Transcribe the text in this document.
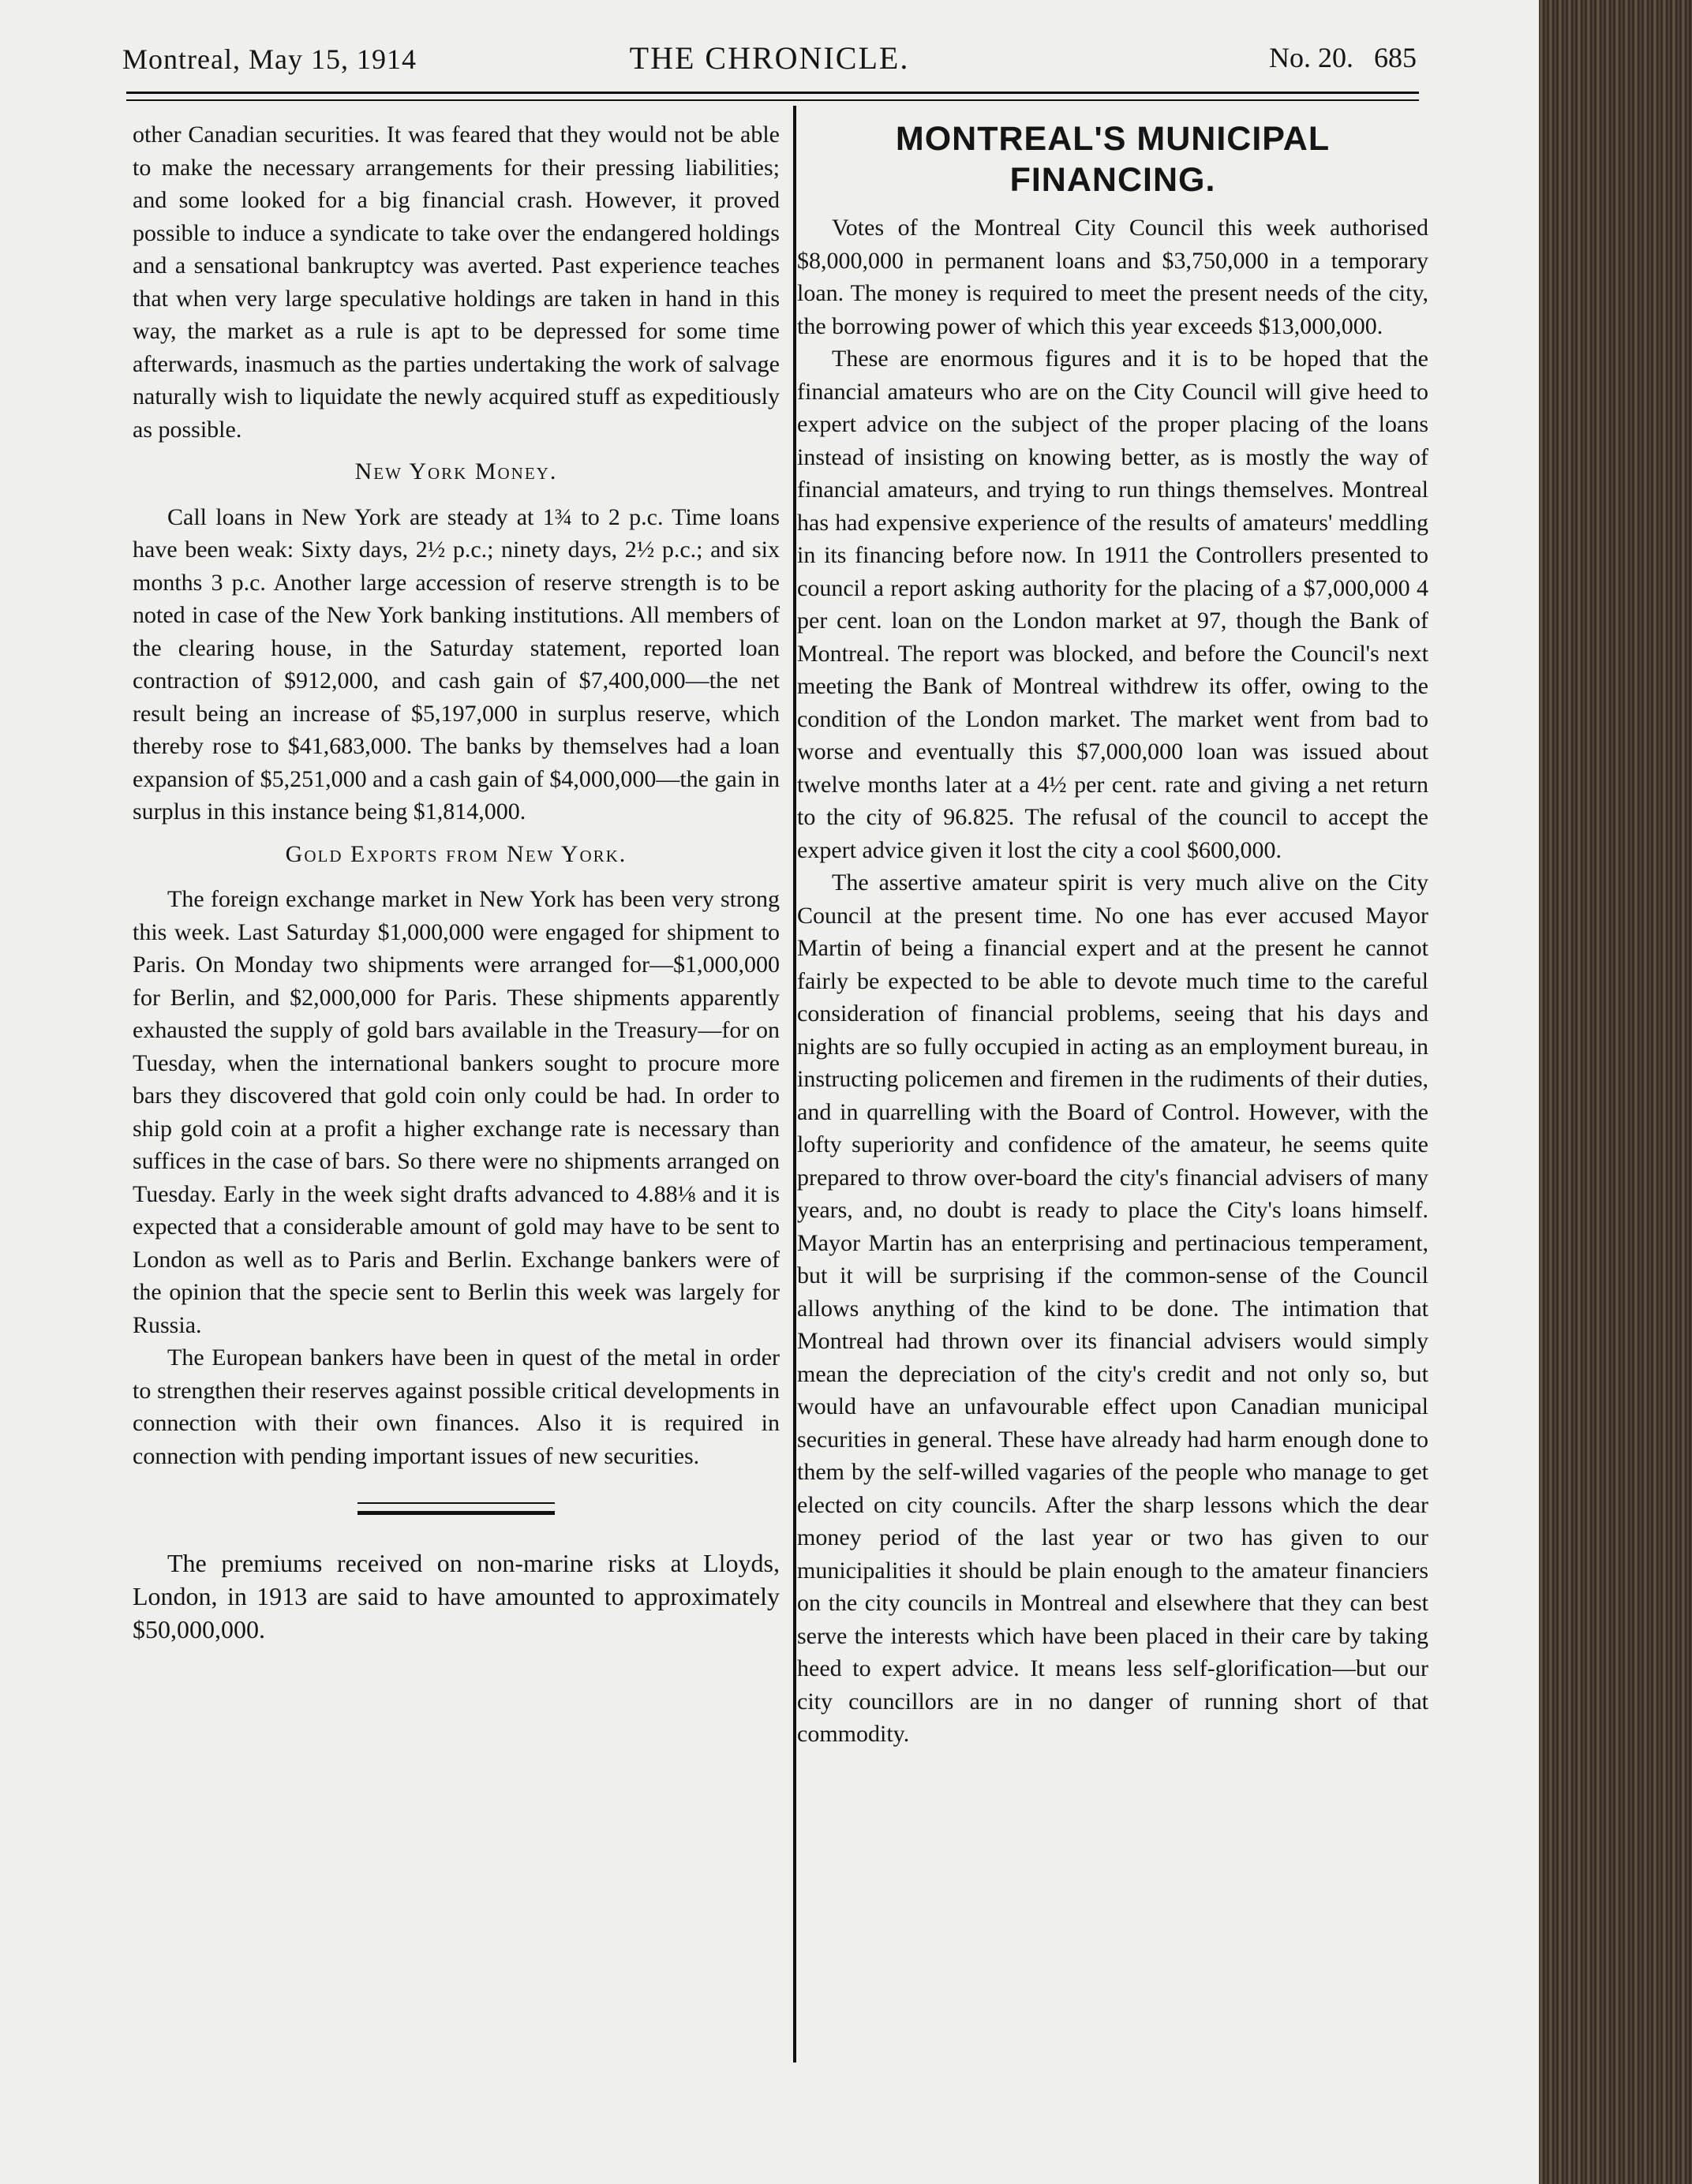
Montreal, May 15, 1914	THE CHRONICLE.	No. 20. 685

other Canadian securities. It was feared that they would not be able to make the necessary arrangements for their pressing liabilities; and some looked for a big financial crash. However, it proved possible to induce a syndicate to take over the endangered holdings and a sensational bankruptcy was averted. Past experience teaches that when very large speculative holdings are taken in hand in this way, the market as a rule is apt to be depressed for some time afterwards, inasmuch as the parties undertaking the work of salvage naturally wish to liquidate the newly acquired stuff as expeditiously as possible.

New York Money.

Call loans in New York are steady at 1¾ to 2 p.c. Time loans have been weak: Sixty days, 2½ p.c.; ninety days, 2½ p.c.; and six months 3 p.c. Another large accession of reserve strength is to be noted in case of the New York banking institutions. All members of the clearing house, in the Saturday statement, reported loan contraction of $912,000, and cash gain of $7,400,000—the net result being an increase of $5,197,000 in surplus reserve, which thereby rose to $41,683,000. The banks by themselves had a loan expansion of $5,251,000 and a cash gain of $4,000,000—the gain in surplus in this instance being $1,814,000.

Gold Exports from New York.

The foreign exchange market in New York has been very strong this week. Last Saturday $1,000,000 were engaged for shipment to Paris. On Monday two shipments were arranged for—$1,000,000 for Berlin, and $2,000,000 for Paris. These shipments apparently exhausted the supply of gold bars available in the Treasury—for on Tuesday, when the international bankers sought to procure more bars they discovered that gold coin only could be had. In order to ship gold coin at a profit a higher exchange rate is necessary than suffices in the case of bars. So there were no shipments arranged on Tuesday. Early in the week sight drafts advanced to 4.88⅛ and it is expected that a considerable amount of gold may have to be sent to London as well as to Paris and Berlin. Exchange bankers were of the opinion that the specie sent to Berlin this week was largely for Russia.

The European bankers have been in quest of the metal in order to strengthen their reserves against possible critical developments in connection with their own finances. Also it is required in connection with pending important issues of new securities.

The premiums received on non-marine risks at Lloyds, London, in 1913 are said to have amounted to approximately $50,000,000.

MONTREAL'S MUNICIPAL
FINANCING.

Votes of the Montreal City Council this week authorised $8,000,000 in permanent loans and $3,750,000 in a temporary loan. The money is required to meet the present needs of the city, the borrowing power of which this year exceeds $13,000,000.

These are enormous figures and it is to be hoped that the financial amateurs who are on the City Council will give heed to expert advice on the subject of the proper placing of the loans instead of insisting on knowing better, as is mostly the way of financial amateurs, and trying to run things themselves. Montreal has had expensive experience of the results of amateurs' meddling in its financing before now. In 1911 the Controllers presented to council a report asking authority for the placing of a $7,000,000 4 per cent. loan on the London market at 97, though the Bank of Montreal. The report was blocked, and before the Council's next meeting the Bank of Montreal withdrew its offer, owing to the condition of the London market. The market went from bad to worse and eventually this $7,000,000 loan was issued about twelve months later at a 4½ per cent. rate and giving a net return to the city of 96.825. The refusal of the council to accept the expert advice given it lost the city a cool $600,000.

The assertive amateur spirit is very much alive on the City Council at the present time. No one has ever accused Mayor Martin of being a financial expert and at the present he cannot fairly be expected to be able to devote much time to the careful consideration of financial problems, seeing that his days and nights are so fully occupied in acting as an employment bureau, in instructing policemen and firemen in the rudiments of their duties, and in quarrelling with the Board of Control. However, with the lofty superiority and confidence of the amateur, he seems quite prepared to throw over-board the city's financial advisers of many years, and, no doubt is ready to place the City's loans himself. Mayor Martin has an enterprising and pertinacious temperament, but it will be surprising if the common-sense of the Council allows anything of the kind to be done. The intimation that Montreal had thrown over its financial advisers would simply mean the depreciation of the city's credit and not only so, but would have an unfavourable effect upon Canadian municipal securities in general. These have already had harm enough done to them by the self-willed vagaries of the people who manage to get elected on city councils. After the sharp lessons which the dear money period of the last year or two has given to our municipalities it should be plain enough to the amateur financiers on the city councils in Montreal and elsewhere that they can best serve the interests which have been placed in their care by taking heed to expert advice. It means less self-glorification—but our city councillors are in no danger of running short of that commodity.
